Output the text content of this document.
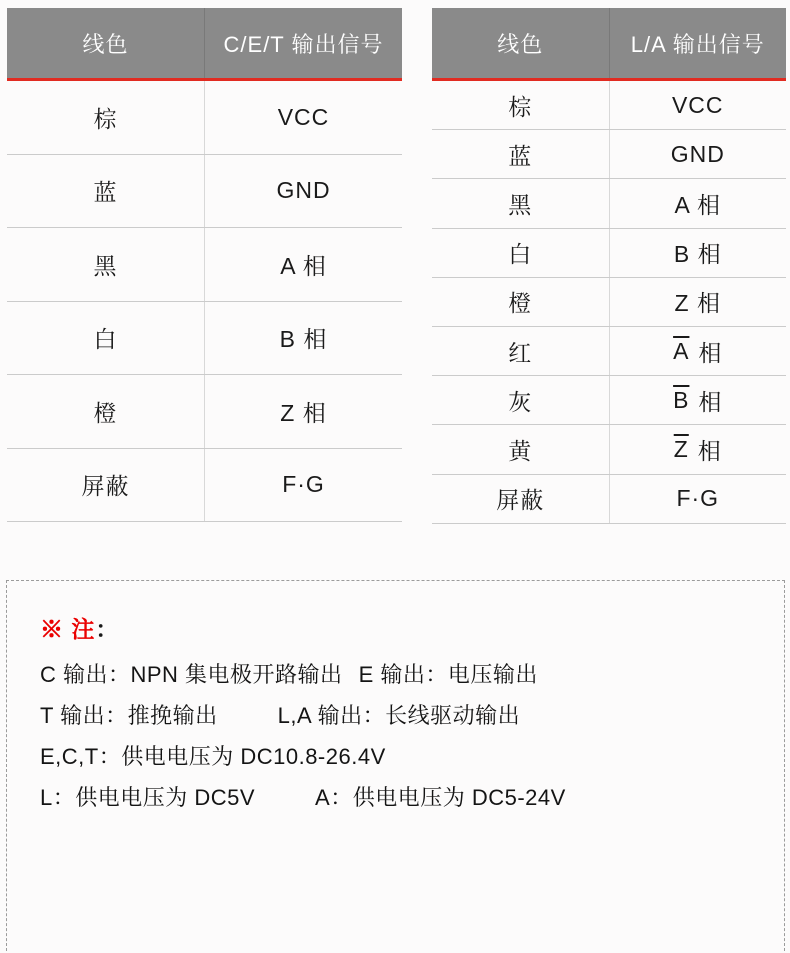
线色	C/E/T 输出信号
棕	VCC
蓝	GND
黑	A 相
白	B 相
橙	Z 相
屏蔽	F·G
线色	L/A 输出信号
棕	VCC
蓝	GND
黑	A 相
白	B 相
橙	Z 相
红	$\overline{A}$ 相
灰	$\overline{B}$ 相
黄	$\overline{Z}$ 相
屏蔽	F·G
※ 注：

C 输出：NPN 集电极开路输出 E 输出：电压输出

T 输出：推挽输出	L,A 输出：长线驱动输出

E,C,T：供电电压为 DC10.8-26.4V

L：供电电压为 DC5V	A：供电电压为 DC5-24V
